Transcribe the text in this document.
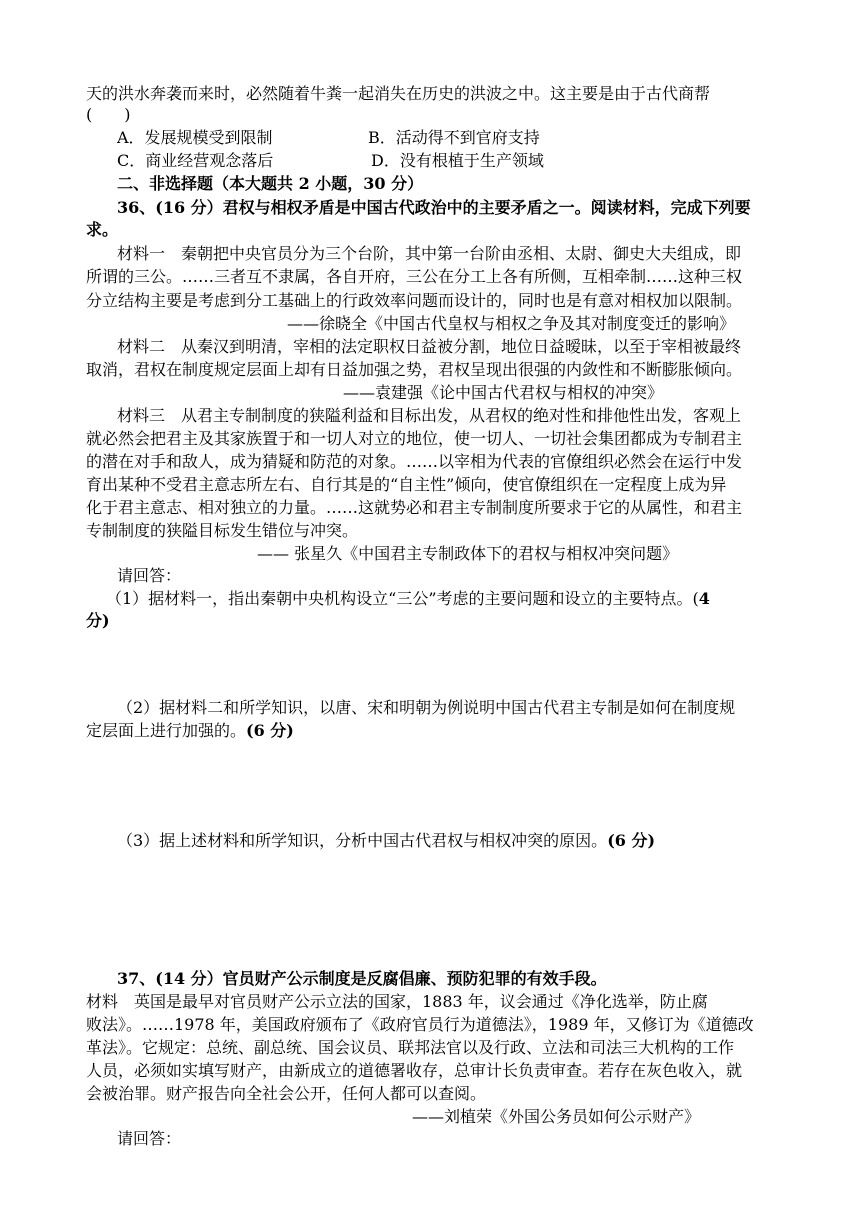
天的洪水奔袭而来时，必然随着牛粪一起消失在历史的洪波之中。这主要是由于古代商帮
(　　)
A．发展规模受到限制	B．活动得不到官府支持
C．商业经营观念落后	D．没有根植于生产领域
二、非选择题（本大题共 2 小题，30 分）
36、(16 分）君权与相权矛盾是中国古代政治中的主要矛盾之一。阅读材料，完成下列要
求。
材料一　秦朝把中央官员分为三个台阶，其中第一台阶由丞相、太尉、御史大夫组成，即
所谓的三公。……三者互不隶属，各自开府，三公在分工上各有所侧，互相牵制……这种三权
分立结构主要是考虑到分工基础上的行政效率问题而设计的，同时也是有意对相权加以限制。
——徐晓全《中国古代皇权与相权之争及其对制度变迁的影响》
材料二　从秦汉到明清，宰相的法定职权日益被分割，地位日益暧昧，以至于宰相被最终
取消，君权在制度规定层面上却有日益加强之势，君权呈现出很强的内敛性和不断膨胀倾向。
——袁建强《论中国古代君权与相权的冲突》
材料三　从君主专制制度的狭隘利益和目标出发，从君权的绝对性和排他性出发，客观上
就必然会把君主及其家族置于和一切人对立的地位，使一切人、一切社会集团都成为专制君主
的潜在对手和敌人，成为猜疑和防范的对象。……以宰相为代表的官僚组织必然会在运行中发
育出某种不受君主意志所左右、自行其是的“自主性”倾向，使官僚组织在一定程度上成为异
化于君主意志、相对独立的力量。……这就势必和君主专制制度所要求于它的从属性，和君主
专制制度的狭隘目标发生错位与冲突。
—— 张星久《中国君主专制政体下的君权与相权冲突问题》
请回答：
（1）据材料一，指出秦朝中央机构设立“三公”考虑的主要问题和设立的主要特点。(4
分)
（2）据材料二和所学知识，以唐、宋和明朝为例说明中国古代君主专制是如何在制度规
定层面上进行加强的。(6 分)
（3）据上述材料和所学知识，分析中国古代君权与相权冲突的原因。(6 分)
37、(14 分）官员财产公示制度是反腐倡廉、预防犯罪的有效手段。
材料　英国是最早对官员财产公示立法的国家，1883 年，议会通过《净化选举，防止腐
败法》。……1978 年，美国政府颁布了《政府官员行为道德法》，1989 年，又修订为《道德改
革法》。它规定：总统、副总统、国会议员、联邦法官以及行政、立法和司法三大机构的工作
人员，必须如实填写财产，由新成立的道德署收存，总审计长负责审查。若存在灰色收入，就
会被治罪。财产报告向全社会公开，任何人都可以查阅。
——刘植荣《外国公务员如何公示财产》
请回答：
